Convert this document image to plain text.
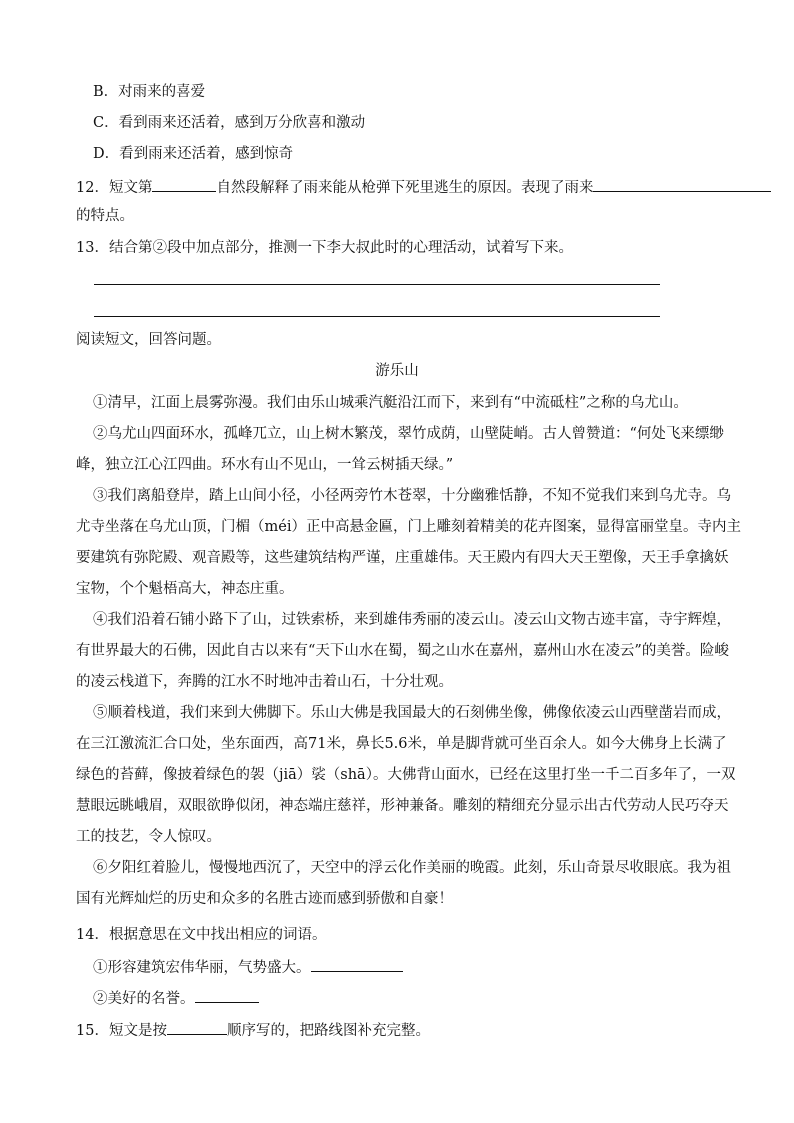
B．对雨来的喜爱
C．看到雨来还活着，感到万分欣喜和激动
D．看到雨来还活着，感到惊奇
12．短文第	自然段解释了雨来能从枪弹下死里逃生的原因。表现了雨来
的特点。
13．结合第②段中加点部分，推测一下李大叔此时的心理活动，试着写下来。
阅读短文，回答问题。
游乐山
①清早，江面上晨雾弥漫。我们由乐山城乘汽艇沿江而下，来到有“中流砥柱”之称的乌尤山。
②乌尤山四面环水，孤峰兀立，山上树木繁茂，翠竹成荫，山壁陡峭。古人曾赞道：“何处飞来缥缈
峰，独立江心江四曲。环水有山不见山，一耸云树插天绿。”
③我们离船登岸，踏上山间小径，小径两旁竹木苍翠，十分幽雅恬静，不知不觉我们来到乌尤寺。乌
尤寺坐落在乌尤山顶，门楣（méi）正中高悬金匾，门上雕刻着精美的花卉图案，显得富丽堂皇。寺内主
要建筑有弥陀殿、观音殿等，这些建筑结构严谨，庄重雄伟。天王殿内有四大天王塑像，天王手拿擒妖
宝物，个个魁梧高大，神态庄重。
④我们沿着石铺小路下了山，过铁索桥，来到雄伟秀丽的凌云山。凌云山文物古迹丰富，寺宇辉煌，
有世界最大的石佛，因此自古以来有“天下山水在蜀，蜀之山水在嘉州，嘉州山水在凌云”的美誉。险峻
的凌云栈道下，奔腾的江水不时地冲击着山石，十分壮观。
⑤顺着栈道，我们来到大佛脚下。乐山大佛是我国最大的石刻佛坐像，佛像依凌云山西壁凿岩而成，
在三江激流汇合口处，坐东面西，高71米，鼻长5.6米，单是脚背就可坐百余人。如今大佛身上长满了
绿色的苔藓，像披着绿色的袈（jiā）裟（shā）。大佛背山面水，已经在这里打坐一千二百多年了，一双
慧眼远眺峨眉，双眼欲睁似闭，神态端庄慈祥，形神兼备。雕刻的精细充分显示出古代劳动人民巧夺天
工的技艺，令人惊叹。
⑥夕阳红着脸儿，慢慢地西沉了，天空中的浮云化作美丽的晚霞。此刻，乐山奇景尽收眼底。我为祖
国有光辉灿烂的历史和众多的名胜古迹而感到骄傲和自豪！
14．根据意思在文中找出相应的词语。
①形容建筑宏伟华丽，气势盛大。
②美好的名誉。
15．短文是按	顺序写的，把路线图补充完整。
